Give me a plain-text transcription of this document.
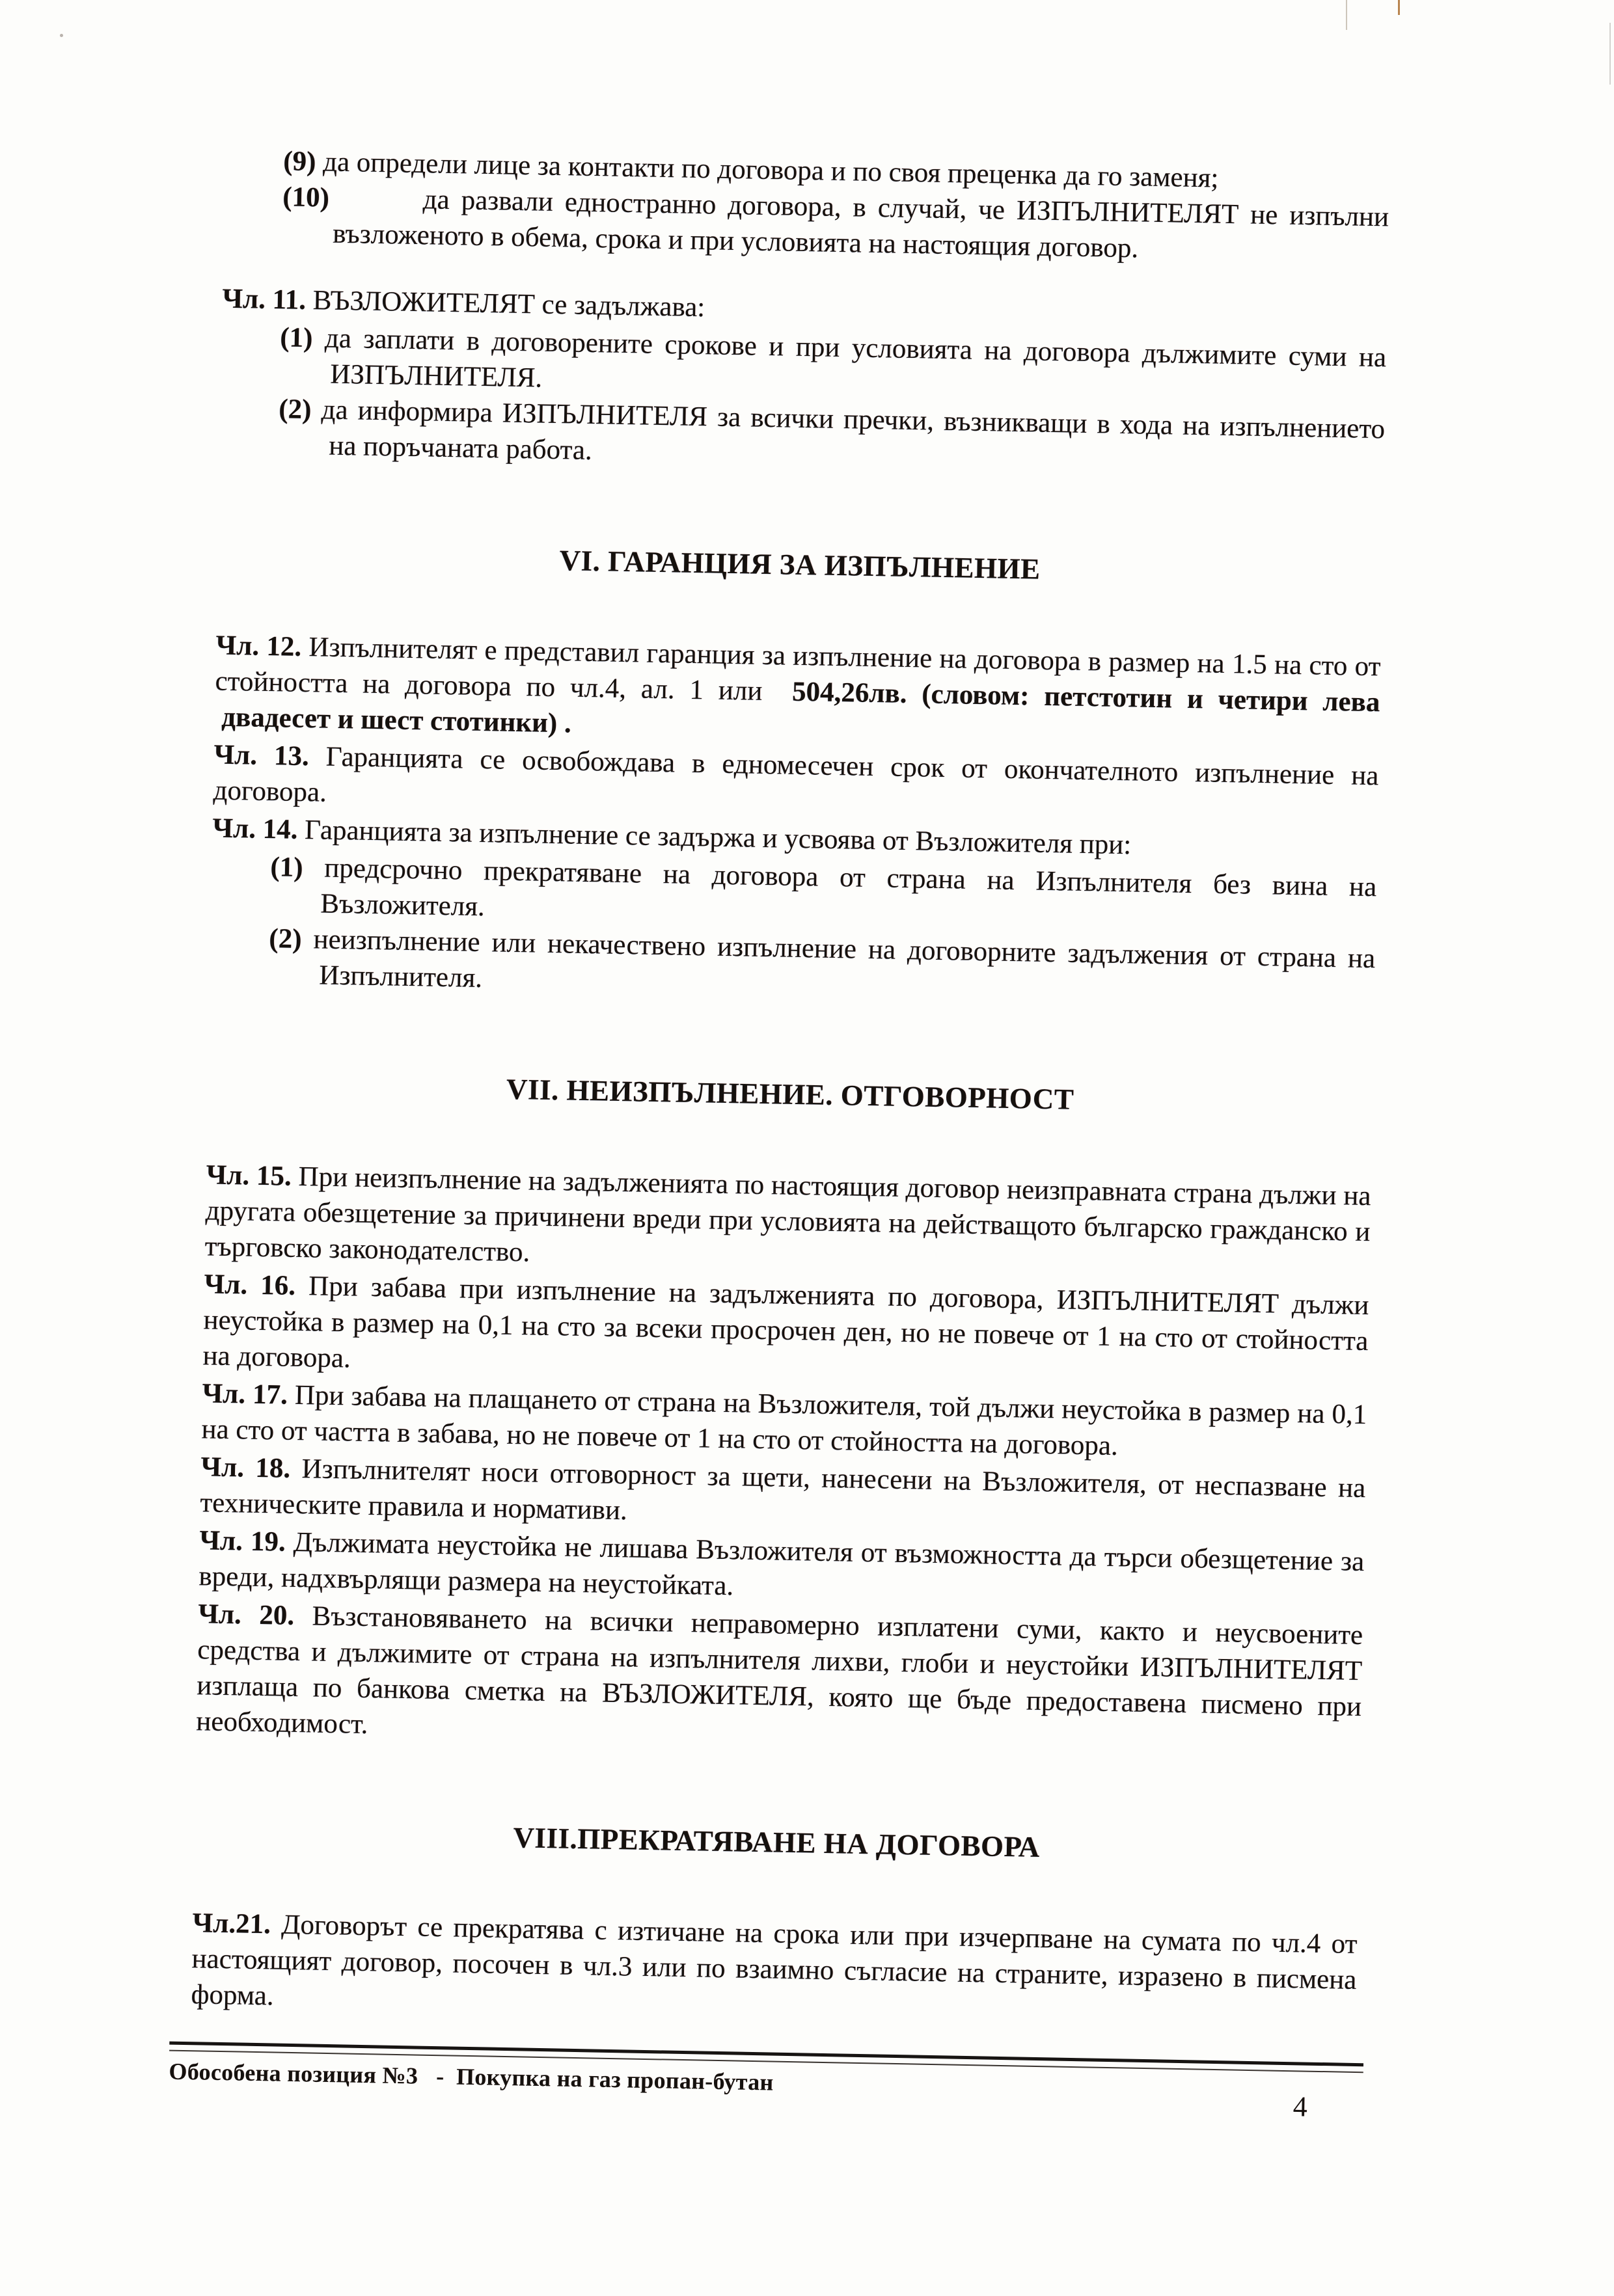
(9) да определи лице за контакти по договора и по своя преценка да го заменя;

(10)	да развали едностранно договора, в случай, че ИЗПЪЛНИТЕЛЯТ не изпълни възложеното в обема, срока и при условията на настоящия договор.

Чл. 11. ВЪЗЛОЖИТЕЛЯТ се задължава:

(1) да заплати в договорените срокове и при условията на договора дължимите суми на ИЗПЪЛНИТЕЛЯ.

(2) да информира ИЗПЪЛНИТЕЛЯ за всички пречки, възникващи в хода на изпълнението на поръчаната работа.

VI. ГАРАНЦИЯ ЗА ИЗПЪЛНЕНИЕ

Чл. 12. Изпълнителят е представил гаранция за изпълнение на договора в размер на 1.5 на сто от стойността на договора по чл.4, ал. 1 или  504,26лв. (словом: петстотин и четири лева  двадесет и шест стотинки) .

Чл. 13. Гаранцията се освобождава в едномесечен срок от окончателното изпълнение на договора.

Чл. 14. Гаранцията за изпълнение се задържа и усвоява от Възложителя при:

(1) предсрочно прекратяване на договора от страна на Изпълнителя без вина на Възложителя.

(2) неизпълнение или некачествено изпълнение на договорните задължения от страна на Изпълнителя.

VII. НЕИЗПЪЛНЕНИЕ. ОТГОВОРНОСТ

Чл. 15. При неизпълнение на задълженията по настоящия договор неизправната страна дължи на другата обезщетение за причинени вреди при условията на действащото българско гражданско и търговско законодателство.

Чл. 16. При забава при изпълнение на задълженията по договора, ИЗПЪЛНИТЕЛЯТ дължи неустойка в размер на 0,1 на сто за всеки просрочен ден, но не повече от 1 на сто от стойността на договора.

Чл. 17. При забава на плащането от страна на Възложителя, той дължи неустойка в размер на 0,1 на сто от частта в забава, но не повече от 1 на сто от стойността на договора.

Чл. 18. Изпълнителят носи отговорност за щети, нанесени на Възложителя, от неспазване на техническите правила и нормативи.

Чл. 19. Дължимата неустойка не лишава Възложителя от възможността да търси обезщетение за вреди, надхвърлящи размера на неустойката.

Чл. 20. Възстановяването на всички неправомерно изплатени суми, както и неусвоените средства и дължимите от страна на изпълнителя лихви, глоби и неустойки ИЗПЪЛНИТЕЛЯТ изплаща по банкова сметка на ВЪЗЛОЖИТЕЛЯ, която ще бъде предоставена писмено при необходимост.

VIII.ПРЕКРАТЯВАНЕ НА ДОГОВОРА

Чл.21. Договорът се прекратява с изтичане на срока или при изчерпване на сумата по чл.4 от настоящият договор, посочен в чл.3 или по взаимно съгласие на страните, изразено в писмена форма.

Обособена позиция №3   -  Покупка на газ пропан-бутан
4
